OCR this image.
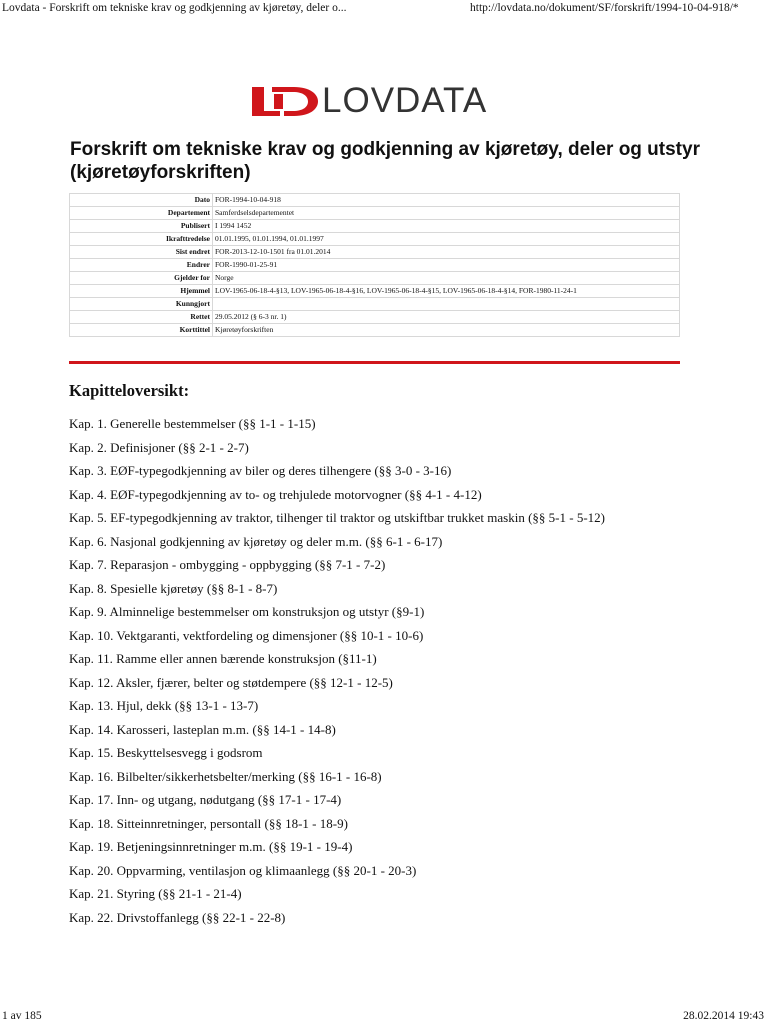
Lovdata - Forskrift om tekniske krav og godkjenning av kjøretøy, deler o...	http://lovdata.no/dokument/SF/forskrift/1994-10-04-918/*
LOVDATA
Forskrift om tekniske krav og godkjenning av kjøretøy, deler og utstyr (kjøretøyforskriften)
Dato	FOR-1994-10-04-918
Departement	Samferdselsdepartementet
Publisert	I 1994 1452
Ikrafttredelse	01.01.1995, 01.01.1994, 01.01.1997
Sist endret	FOR-2013-12-10-1501 fra 01.01.2014
Endrer	FOR-1990-01-25-91
Gjelder for	Norge
Hjemmel	LOV-1965-06-18-4-§13, LOV-1965-06-18-4-§16, LOV-1965-06-18-4-§15, LOV-1965-06-18-4-§14, FOR-1980-11-24-1
Kunngjort	
Rettet	29.05.2012 (§ 6-3 nr. 1)
Korttittel	Kjøretøyforskriften
Kapitteloversikt:
Kap. 1. Generelle bestemmelser (§§ 1-1 - 1-15)
Kap. 2. Definisjoner (§§ 2-1 - 2-7)
Kap. 3. EØF-typegodkjenning av biler og deres tilhengere (§§ 3-0 - 3-16)
Kap. 4. EØF-typegodkjenning av to- og trehjulede motorvogner (§§ 4-1 - 4-12)
Kap. 5. EF-typegodkjenning av traktor, tilhenger til traktor og utskiftbar trukket maskin (§§ 5-1 - 5-12)
Kap. 6. Nasjonal godkjenning av kjøretøy og deler m.m. (§§ 6-1 - 6-17)
Kap. 7. Reparasjon - ombygging - oppbygging (§§ 7-1 - 7-2)
Kap. 8. Spesielle kjøretøy (§§ 8-1 - 8-7)
Kap. 9. Alminnelige bestemmelser om konstruksjon og utstyr (§9-1)
Kap. 10. Vektgaranti, vektfordeling og dimensjoner (§§ 10-1 - 10-6)
Kap. 11. Ramme eller annen bærende konstruksjon (§11-1)
Kap. 12. Aksler, fjærer, belter og støtdempere (§§ 12-1 - 12-5)
Kap. 13. Hjul, dekk (§§ 13-1 - 13-7)
Kap. 14. Karosseri, lasteplan m.m. (§§ 14-1 - 14-8)
Kap. 15. Beskyttelsesvegg i godsrom
Kap. 16. Bilbelter/sikkerhetsbelter/merking (§§ 16-1 - 16-8)
Kap. 17. Inn- og utgang, nødutgang (§§ 17-1 - 17-4)
Kap. 18. Sitteinnretninger, persontall (§§ 18-1 - 18-9)
Kap. 19. Betjeningsinnretninger m.m. (§§ 19-1 - 19-4)
Kap. 20. Oppvarming, ventilasjon og klimaanlegg (§§ 20-1 - 20-3)
Kap. 21. Styring (§§ 21-1 - 21-4)
Kap. 22. Drivstoffanlegg (§§ 22-1 - 22-8)
1 av 185	28.02.2014 19:43
